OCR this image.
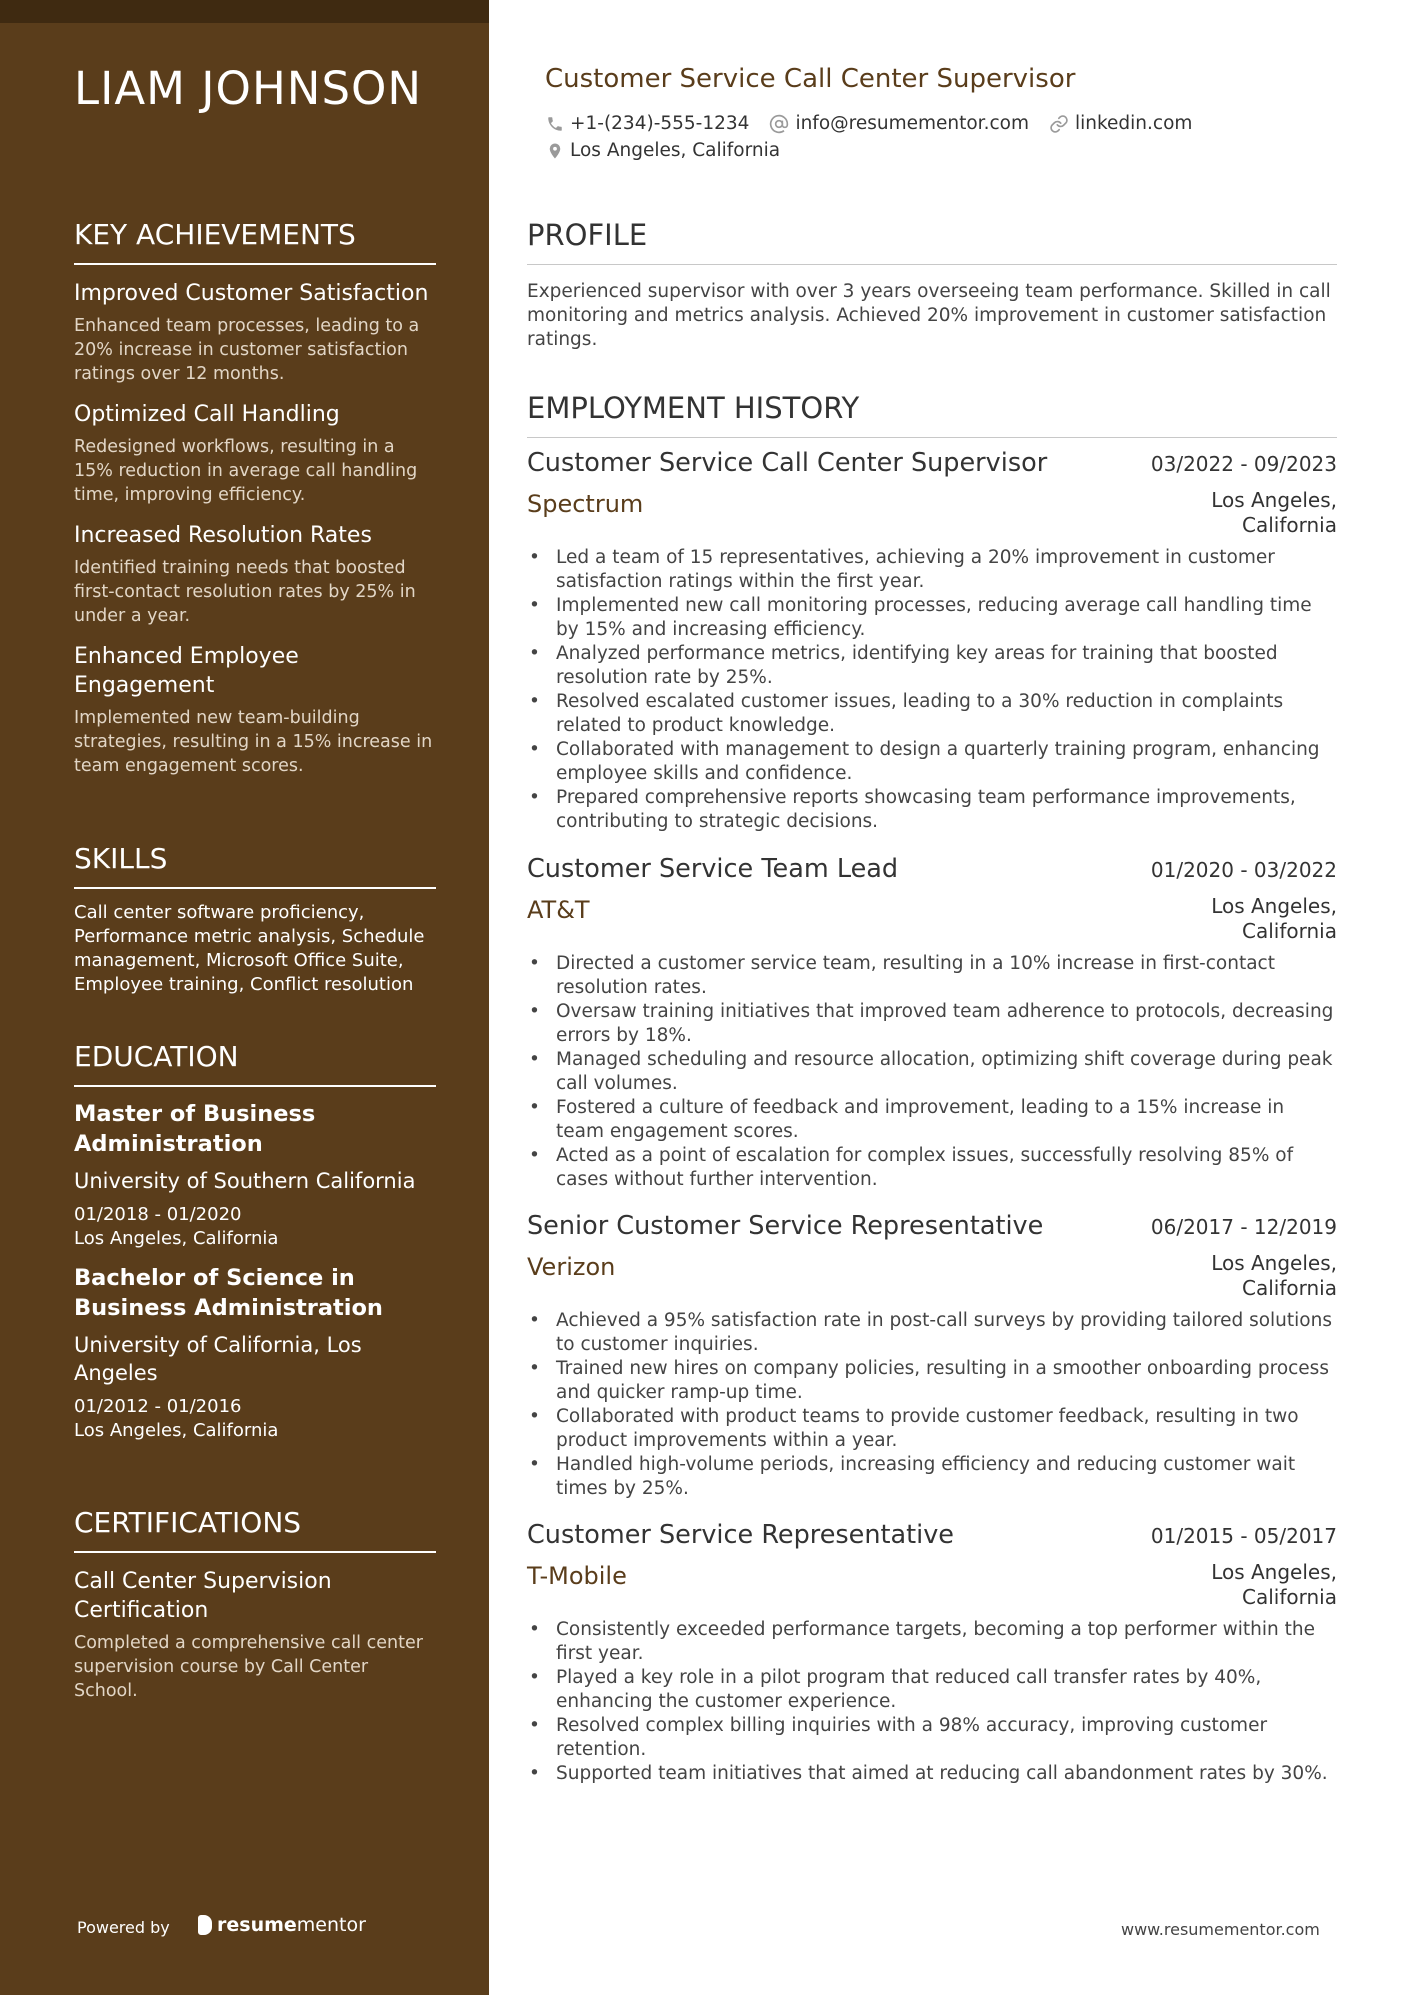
LIAM JOHNSON
KEY ACHIEVEMENTS
Improved Customer Satisfaction
Enhanced team processes, leading to a 20% increase in customer satisfaction ratings over 12 months.
Optimized Call Handling
Redesigned workflows, resulting in a 15% reduction in average call handling time, improving efficiency.
Increased Resolution Rates
Identified training needs that boosted first-contact resolution rates by 25% in under a year.
Enhanced Employee Engagement
Implemented new team-building strategies, resulting in a 15% increase in team engagement scores.
SKILLS
Call center software proficiency, Performance metric analysis, Schedule management, Microsoft Office Suite, Employee training, Conflict resolution
EDUCATION
Master of Business Administration
University of Southern California
01/2018 - 01/2020
Los Angeles, California
Bachelor of Science in Business Administration
University of California, Los Angeles
01/2012 - 01/2016
Los Angeles, California
CERTIFICATIONS
Call Center Supervision Certification
Completed a comprehensive call center supervision course by Call Center School.
Powered by resume mentor
Customer Service Call Center Supervisor
+1-(234)-555-1234 info@resumementor.com linkedin.com
Los Angeles, California
PROFILE
Experienced supervisor with over 3 years overseeing team performance. Skilled in call monitoring and metrics analysis. Achieved 20% improvement in customer satisfaction ratings.
EMPLOYMENT HISTORY
Customer Service Call Center Supervisor	03/2022 - 09/2023
Spectrum	Los Angeles, California
• Led a team of 15 representatives, achieving a 20% improvement in customer satisfaction ratings within the first year.
• Implemented new call monitoring processes, reducing average call handling time by 15% and increasing efficiency.
• Analyzed performance metrics, identifying key areas for training that boosted resolution rate by 25%.
• Resolved escalated customer issues, leading to a 30% reduction in complaints related to product knowledge.
• Collaborated with management to design a quarterly training program, enhancing employee skills and confidence.
• Prepared comprehensive reports showcasing team performance improvements, contributing to strategic decisions.
Customer Service Team Lead	01/2020 - 03/2022
AT&T	Los Angeles, California
• Directed a customer service team, resulting in a 10% increase in first-contact resolution rates.
• Oversaw training initiatives that improved team adherence to protocols, decreasing errors by 18%.
• Managed scheduling and resource allocation, optimizing shift coverage during peak call volumes.
• Fostered a culture of feedback and improvement, leading to a 15% increase in team engagement scores.
• Acted as a point of escalation for complex issues, successfully resolving 85% of cases without further intervention.
Senior Customer Service Representative	06/2017 - 12/2019
Verizon	Los Angeles, California
• Achieved a 95% satisfaction rate in post-call surveys by providing tailored solutions to customer inquiries.
• Trained new hires on company policies, resulting in a smoother onboarding process and quicker ramp-up time.
• Collaborated with product teams to provide customer feedback, resulting in two product improvements within a year.
• Handled high-volume periods, increasing efficiency and reducing customer wait times by 25%.
Customer Service Representative	01/2015 - 05/2017
T-Mobile	Los Angeles, California
• Consistently exceeded performance targets, becoming a top performer within the first year.
• Played a key role in a pilot program that reduced call transfer rates by 40%, enhancing the customer experience.
• Resolved complex billing inquiries with a 98% accuracy, improving customer retention.
• Supported team initiatives that aimed at reducing call abandonment rates by 30%.
www.resumementor.com
